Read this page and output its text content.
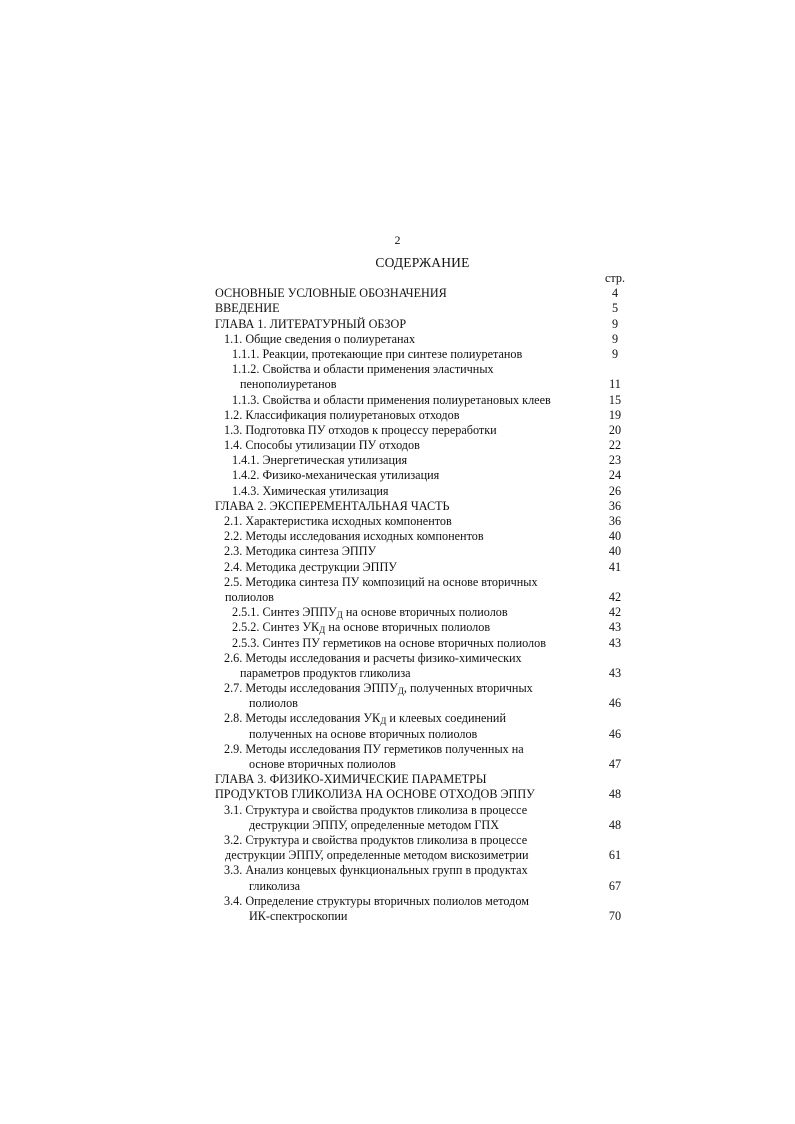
2
СОДЕРЖАНИЕ
стр.
ОСНОВНЫЕ УСЛОВНЫЕ ОБОЗНАЧЕНИЯ	4
ВВЕДЕНИЕ	5
ГЛАВА 1. ЛИТЕРАТУРНЫЙ ОБЗОР	9
1.1. Общие сведения о полиуретанах	9
1.1.1. Реакции, протекающие при синтезе полиуретанов	9
1.1.2. Свойства и области применения эластичных
пенополиуретанов	11
1.1.3. Свойства и области применения полиуретановых клеев	15
1.2. Классификация полиуретановых отходов	19
1.3. Подготовка ПУ отходов к процессу переработки	20
1.4. Способы утилизации ПУ отходов	22
1.4.1. Энергетическая утилизация	23
1.4.2. Физико-механическая утилизация	24
1.4.3. Химическая утилизация	26
ГЛАВА 2. ЭКСПЕРЕМЕНТАЛЬНАЯ ЧАСТЬ	36
2.1. Характеристика исходных компонентов	36
2.2. Методы исследования исходных компонентов	40
2.3. Методика синтеза ЭППУ	40
2.4. Методика деструкции ЭППУ	41
2.5. Методика синтеза ПУ композиций на основе вторичных
полиолов	42
2.5.1. Синтез $ЭППУ_Д$ на основе вторичных полиолов	42
2.5.2. Синтез $УК_Д$ на основе вторичных полиолов	43
2.5.3. Синтез ПУ герметиков на основе вторичных полиолов	43
2.6. Методы исследования и расчеты физико-химических
параметров продуктов гликолиза	43
2.7. Методы исследования $ЭППУ_Д$, полученных вторичных
полиолов	46
2.8. Методы исследования $УК_Д$ и клеевых соединений
полученных на основе вторичных полиолов	46
2.9. Методы исследования ПУ герметиков полученных на
основе вторичных полиолов	47
ГЛАВА 3. ФИЗИКО-ХИМИЧЕСКИЕ ПАРАМЕТРЫ
ПРОДУКТОВ ГЛИКОЛИЗА НА ОСНОВЕ ОТХОДОВ ЭППУ	48
3.1. Структура и свойства продуктов гликолиза в процессе
деструкции ЭППУ, определенные методом ГПХ	48
3.2. Структура и свойства продуктов гликолиза в процессе
деструкции ЭППУ, определенные методом вискозиметрии	61
3.3. Анализ концевых функциональных групп в продуктах
гликолиза	67
3.4. Определение структуры вторичных полиолов методом
ИК-спектроскопии	70
